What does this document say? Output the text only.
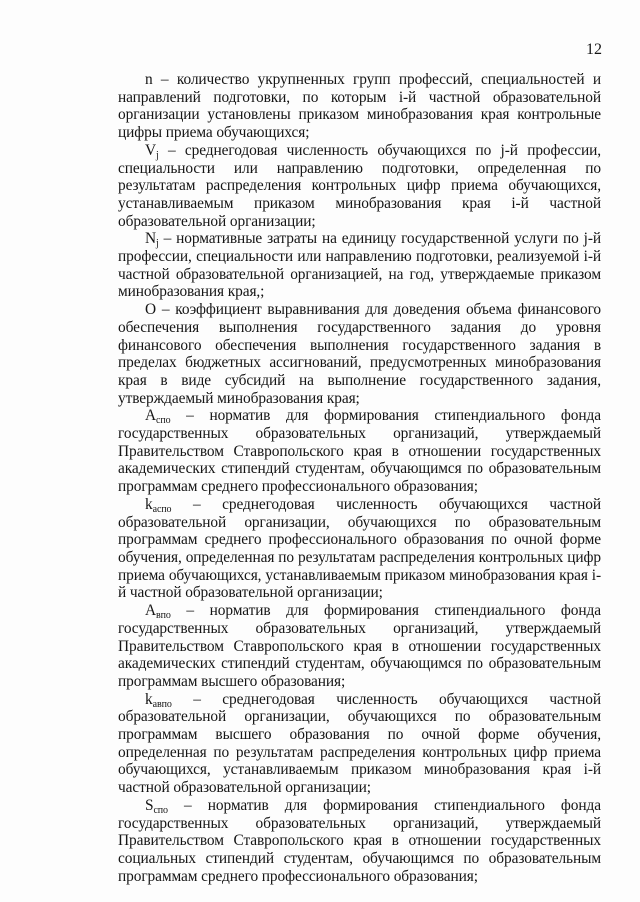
12

n – количество укрупненных групп профессий, специальностей и направлений подготовки, по которым i-й частной образовательной организации установлены приказом минобразования края контрольные цифры приема обучающихся;

$V_j$ – среднегодовая численность обучающихся по j-й профессии, специальности или направлению подготовки, определенная по результатам распределения контрольных цифр приема обучающихся, устанавливаемым приказом минобразования края i-й частной образовательной организации;

$N_j$ – нормативные затраты на единицу государственной услуги по j-й профессии, специальности или направлению подготовки, реализуемой i-й частной образовательной организацией, на год, утверждаемые приказом минобразования края,;

O – коэффициент выравнивания для доведения объема финансового обеспечения выполнения государственного задания до уровня финансового обеспечения выполнения государственного задания в пределах бюджетных ассигнований, предусмотренных минобразования края в виде субсидий на выполнение государственного задания, утверждаемый минобразования края;

$A_{спо}$ – норматив для формирования стипендиального фонда государственных образовательных организаций, утверждаемый Правительством Ставропольского края в отношении государственных академических стипендий студентам, обучающимся по образовательным программам среднего профессионального образования;

$k_{aспо}$ – среднегодовая численность обучающихся частной образовательной организации, обучающихся по образовательным программам среднего профессионального образования по очной форме обучения, определенная по результатам распределения контрольных цифр приема обучающихся, устанавливаемым приказом минобразования края i-й частной образовательной организации;

$A_{впо}$ – норматив для формирования стипендиального фонда государственных образовательных организаций, утверждаемый Правительством Ставропольского края в отношении государственных академических стипендий студентам, обучающимся по образовательным программам высшего образования;

$k_{aвпо}$ – среднегодовая численность обучающихся частной образовательной организации, обучающихся по образовательным программам высшего образования по очной форме обучения, определенная по результатам распределения контрольных цифр приема обучающихся, устанавливаемым приказом минобразования края i-й частной образовательной организации;

$S_{спо}$ – норматив для формирования стипендиального фонда государственных образовательных организаций, утверждаемый Правительством Ставропольского края в отношении государственных социальных стипендий студентам, обучающимся по образовательным программам среднего профессионального образования;
